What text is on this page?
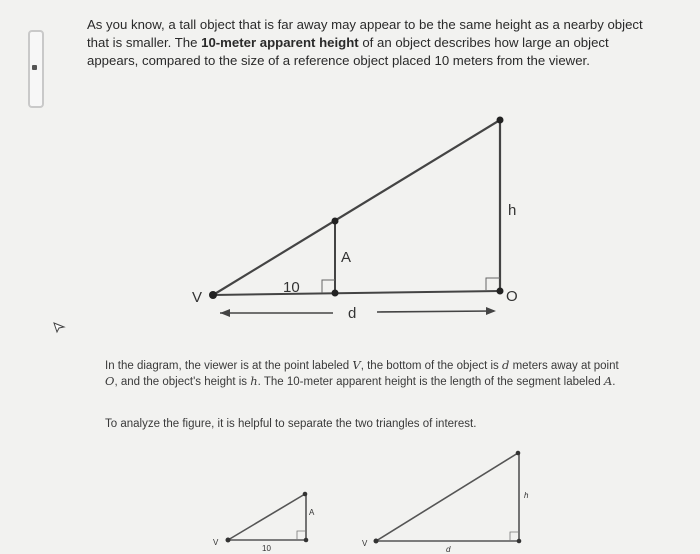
As you know, a tall object that is far away may appear to be the same height as a nearby object that is smaller. The 10-meter apparent height of an object describes how large an object appears, compared to the size of a reference object placed 10 meters from the viewer.
V	O
h
A
d
10
V
A
10
V
d
h
In the diagram, the viewer is at the point labeled V, the bottom of the object is d meters away at point O, and the object's height is h. The 10-meter apparent height is the length of the segment labeled A.
To analyze the figure, it is helpful to separate the two triangles of interest.
